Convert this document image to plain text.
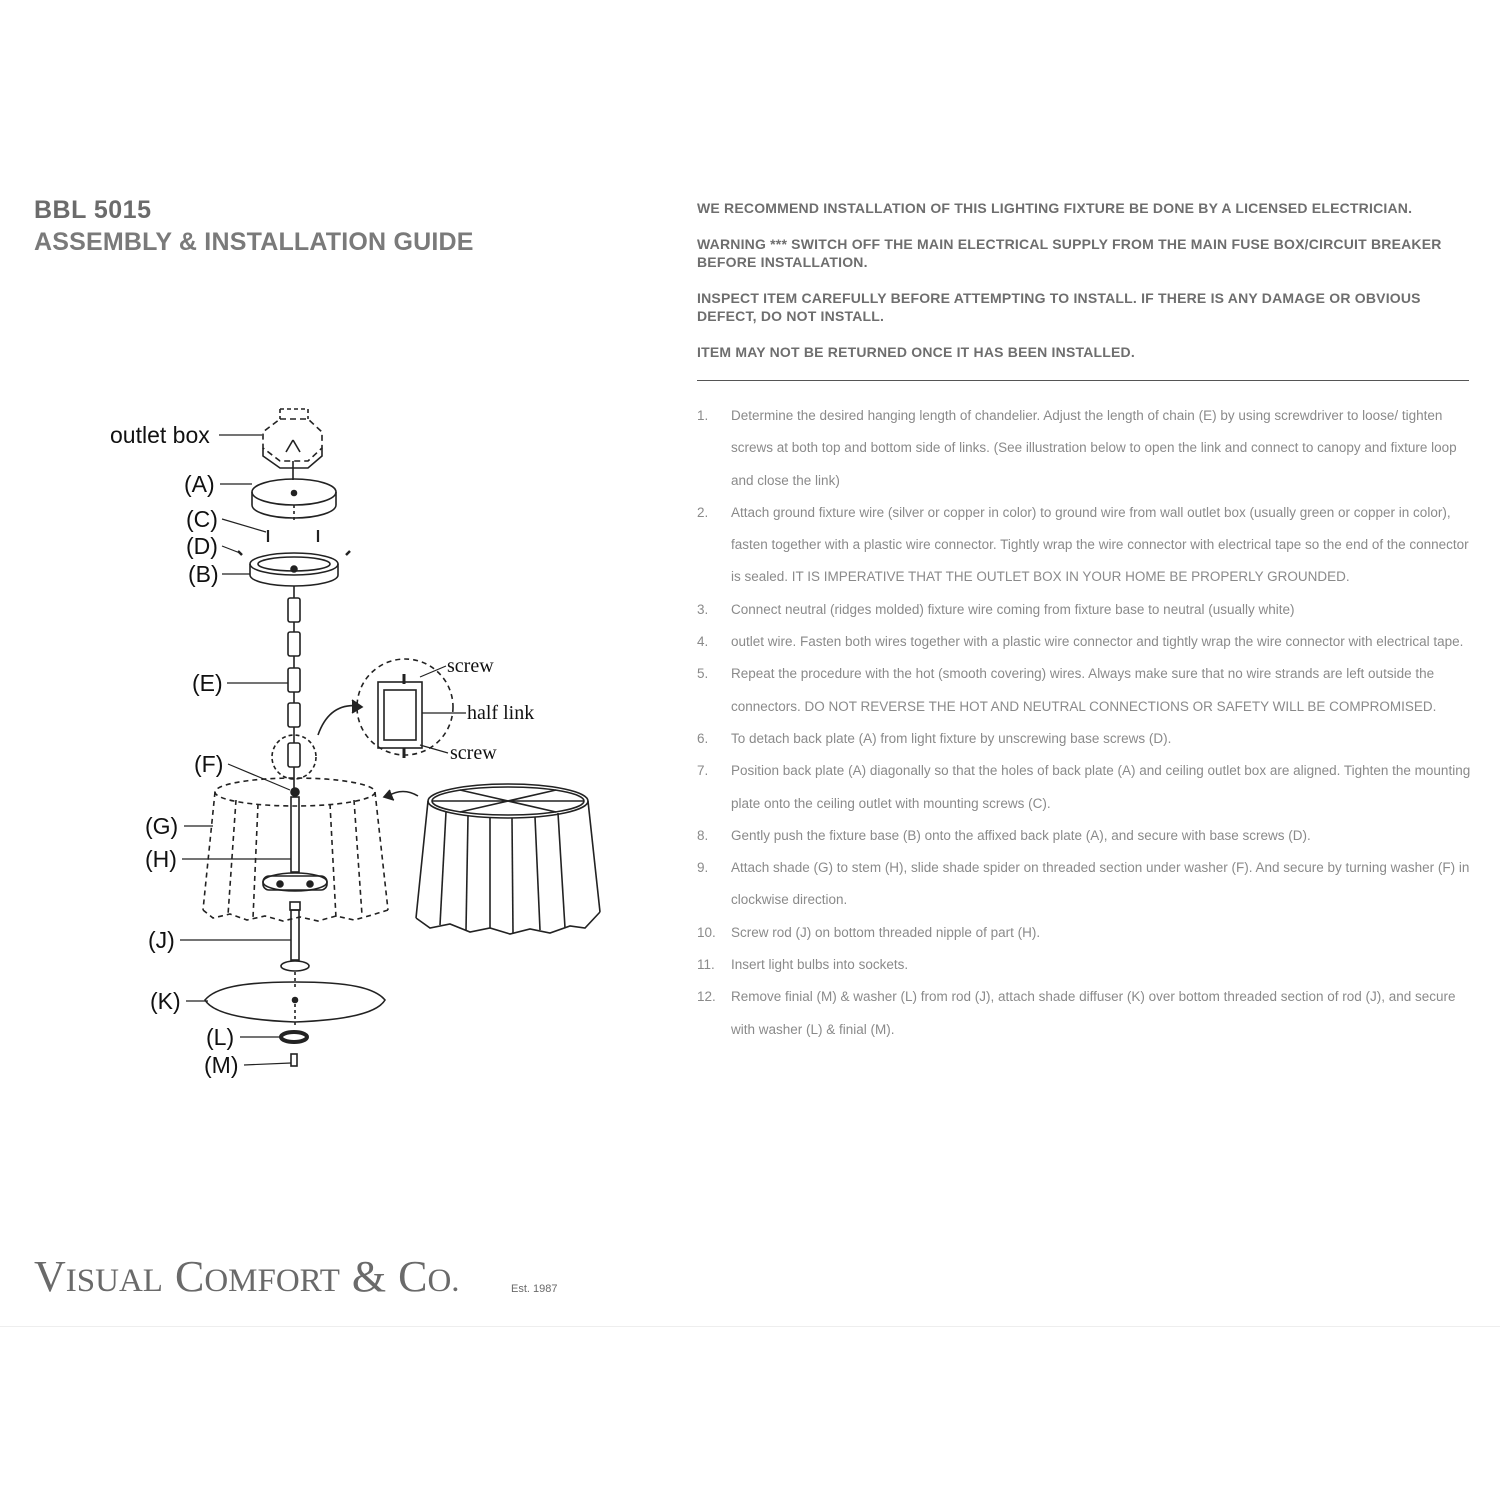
BBL 5015
ASSEMBLY & INSTALLATION GUIDE

WE RECOMMEND INSTALLATION OF THIS LIGHTING FIXTURE BE DONE BY A LICENSED ELECTRICIAN.

WARNING *** SWITCH OFF THE MAIN ELECTRICAL SUPPLY FROM THE MAIN FUSE BOX/CIRCUIT BREAKER BEFORE INSTALLATION.

INSPECT ITEM CAREFULLY BEFORE ATTEMPTING TO INSTALL. IF THERE IS ANY DAMAGE OR OBVIOUS DEFECT, DO NOT INSTALL.

ITEM MAY NOT BE RETURNED ONCE IT HAS BEEN INSTALLED.

1. Determine the desired hanging length of chandelier. Adjust the length of chain (E) by using screwdriver to loose/ tighten screws at both top and bottom side of links. (See illustration below to open the link and connect to canopy and fixture loop and close the link)
2. Attach ground fixture wire (silver or copper in color) to ground wire from wall outlet box (usually green or copper in color), fasten together with a plastic wire connector. Tightly wrap the wire connector with electrical tape so the end of the connector is sealed. IT IS IMPERATIVE THAT THE OUTLET BOX IN YOUR HOME BE PROPERLY GROUNDED.
3. Connect neutral (ridges molded) fixture wire coming from fixture base to neutral (usually white)
4. outlet wire. Fasten both wires together with a plastic wire connector and tightly wrap the wire connector with electrical tape.
5. Repeat the procedure with the hot (smooth covering) wires. Always make sure that no wire strands are left outside the connectors. DO NOT REVERSE THE HOT AND NEUTRAL CONNECTIONS OR SAFETY WILL BE COMPROMISED.
6. To detach back plate (A) from light fixture by unscrewing base screws (D).
7. Position back plate (A) diagonally so that the holes of back plate (A) and ceiling outlet box are aligned. Tighten the mounting plate onto the ceiling outlet with mounting screws (C).
8. Gently push the fixture base (B) onto the affixed back plate (A), and secure with base screws (D).
9. Attach shade (G) to stem (H), slide shade spider on threaded section under washer (F). And secure by turning washer (F) in clockwise direction.
10. Screw rod (J) on bottom threaded nipple of part (H).
11. Insert light bulbs into sockets.
12. Remove finial (M) & washer (L) from rod (J), attach shade diffuser (K) over bottom threaded section of rod (J), and secure with washer (L) & finial (M).
outlet box
(A)
(C)
(D)
(B)
(E)
(F)
(G)
(H)
(J)
(K)
(L)
(M)
screw
half link
screw
VISUAL COMFORT & CO.	Est. 1987
